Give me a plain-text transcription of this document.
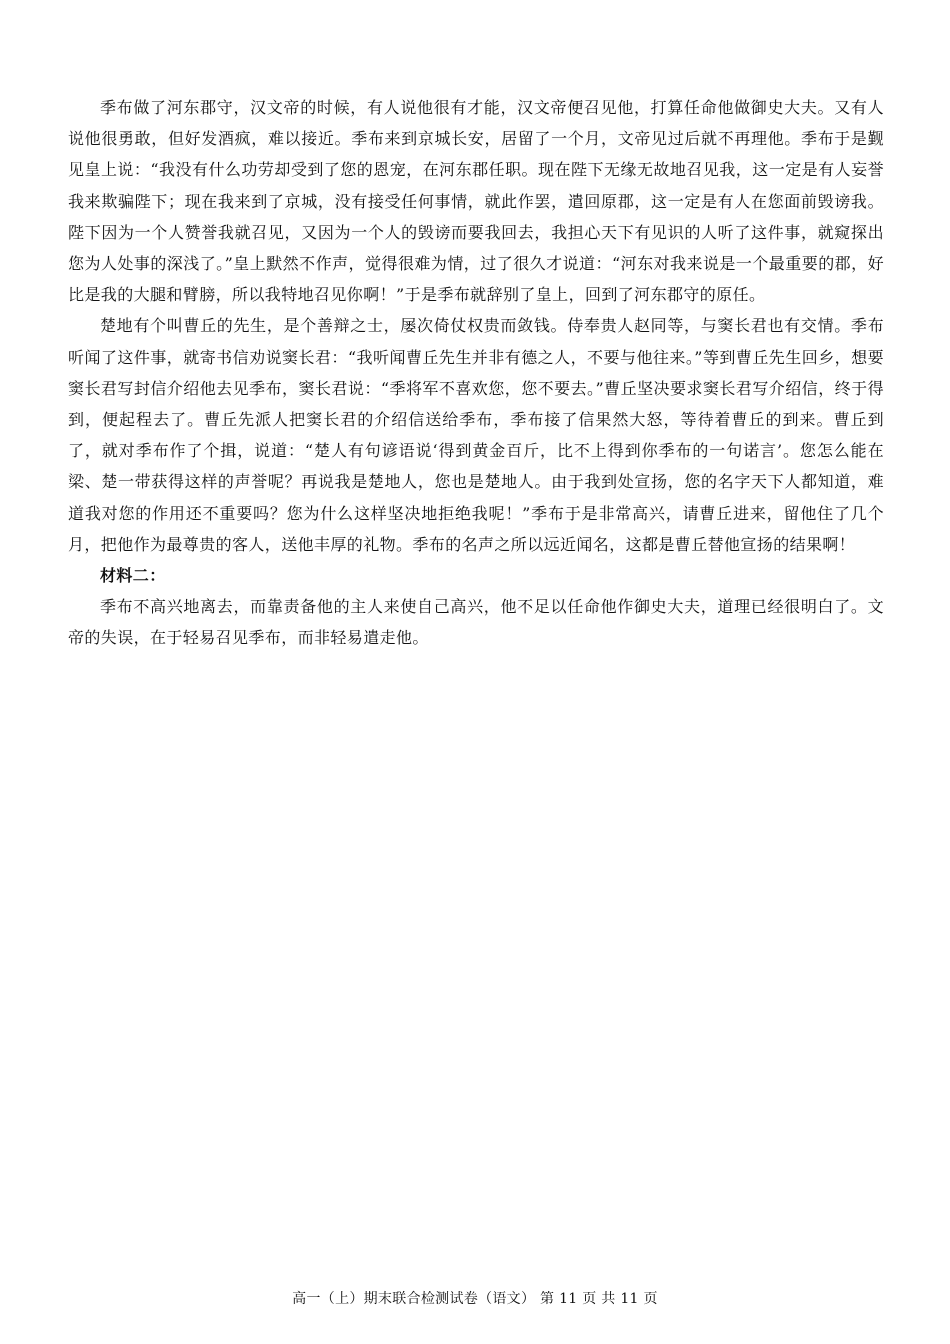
季布做了河东郡守，汉文帝的时候，有人说他很有才能，汉文帝便召见他，打算任命他做御史大夫。又有人说他很勇敢，但好发酒疯，难以接近。季布来到京城长安，居留了一个月，文帝见过后就不再理他。季布于是觐见皇上说：“我没有什么功劳却受到了您的恩宠，在河东郡任职。现在陛下无缘无故地召见我，这一定是有人妄誉我来欺骗陛下；现在我来到了京城，没有接受任何事情，就此作罢，遣回原郡，这一定是有人在您面前毁谤我。陛下因为一个人赞誉我就召见，又因为一个人的毁谤而要我回去，我担心天下有见识的人听了这件事，就窥探出您为人处事的深浅了。”皇上默然不作声，觉得很难为情，过了很久才说道：“河东对我来说是一个最重要的郡，好比是我的大腿和臂膀，所以我特地召见你啊！”于是季布就辞别了皇上，回到了河东郡守的原任。

楚地有个叫曹丘的先生，是个善辩之士，屡次倚仗权贵而敛钱。侍奉贵人赵同等，与窦长君也有交情。季布听闻了这件事，就寄书信劝说窦长君：“我听闻曹丘先生并非有德之人，不要与他往来。”等到曹丘先生回乡，想要窦长君写封信介绍他去见季布，窦长君说：“季将军不喜欢您，您不要去。”曹丘坚决要求窦长君写介绍信，终于得到，便起程去了。曹丘先派人把窦长君的介绍信送给季布，季布接了信果然大怒，等待着曹丘的到来。曹丘到了，就对季布作了个揖，说道：“楚人有句谚语说‘得到黄金百斤，比不上得到你季布的一句诺言’。您怎么能在梁、楚一带获得这样的声誉呢？再说我是楚地人，您也是楚地人。由于我到处宣扬，您的名字天下人都知道，难道我对您的作用还不重要吗？您为什么这样坚决地拒绝我呢！”季布于是非常高兴，请曹丘进来，留他住了几个月，把他作为最尊贵的客人，送他丰厚的礼物。季布的名声之所以远近闻名，这都是曹丘替他宣扬的结果啊！

材料二：

季布不高兴地离去，而靠责备他的主人来使自己高兴，他不足以任命他作御史大夫，道理已经很明白了。文帝的失误，在于轻易召见季布，而非轻易遣走他。

高一（上）期末联合检测试卷（语文） 第 11 页 共 11 页
